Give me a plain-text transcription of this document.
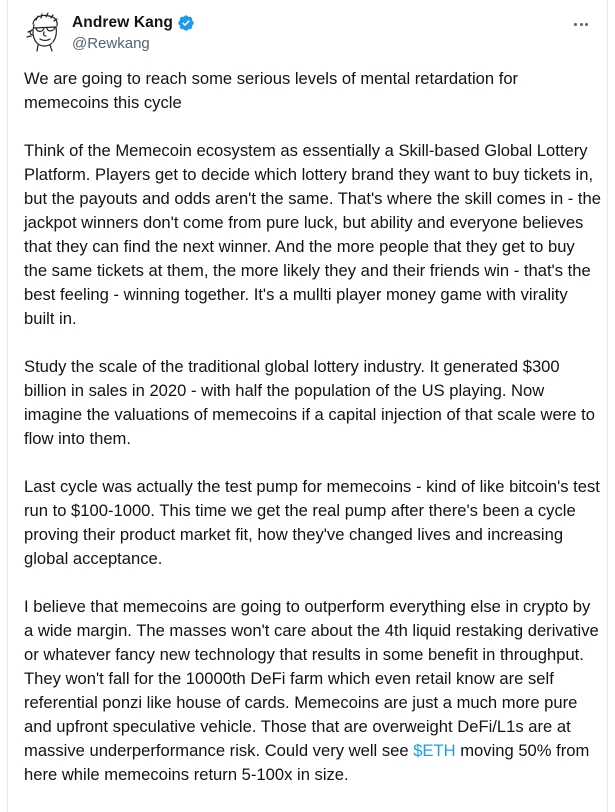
Andrew Kang
@Rewkang

We are going to reach some serious levels of mental retardation for memecoins this cycle

Think of the Memecoin ecosystem as essentially a Skill-based Global Lottery Platform. Players get to decide which lottery brand they want to buy tickets in, but the payouts and odds aren't the same. That's where the skill comes in - the jackpot winners don't come from pure luck, but ability and everyone believes that they can find the next winner. And the more people that they get to buy the same tickets at them, the more likely they and their friends win - that's the best feeling - winning together. It's a mullti player money game with virality built in.

Study the scale of the traditional global lottery industry. It generated $300 billion in sales in 2020 - with half the population of the US playing. Now imagine the valuations of memecoins if a capital injection of that scale were to flow into them.

Last cycle was actually the test pump for memecoins - kind of like bitcoin's test run to $100-1000. This time we get the real pump after there's been a cycle proving their product market fit, how they've changed lives and increasing global acceptance.

I believe that memecoins are going to outperform everything else in crypto by a wide margin. The masses won't care about the 4th liquid restaking derivative or whatever fancy new technology that results in some benefit in throughput. They won't fall for the 10000th DeFi farm which even retail know are self referential ponzi like house of cards. Memecoins are just a much more pure and upfront speculative vehicle. Those that are overweight DeFi/L1s are at massive underperformance risk. Could very well see $ETH moving 50% from here while memecoins return 5-100x in size.
